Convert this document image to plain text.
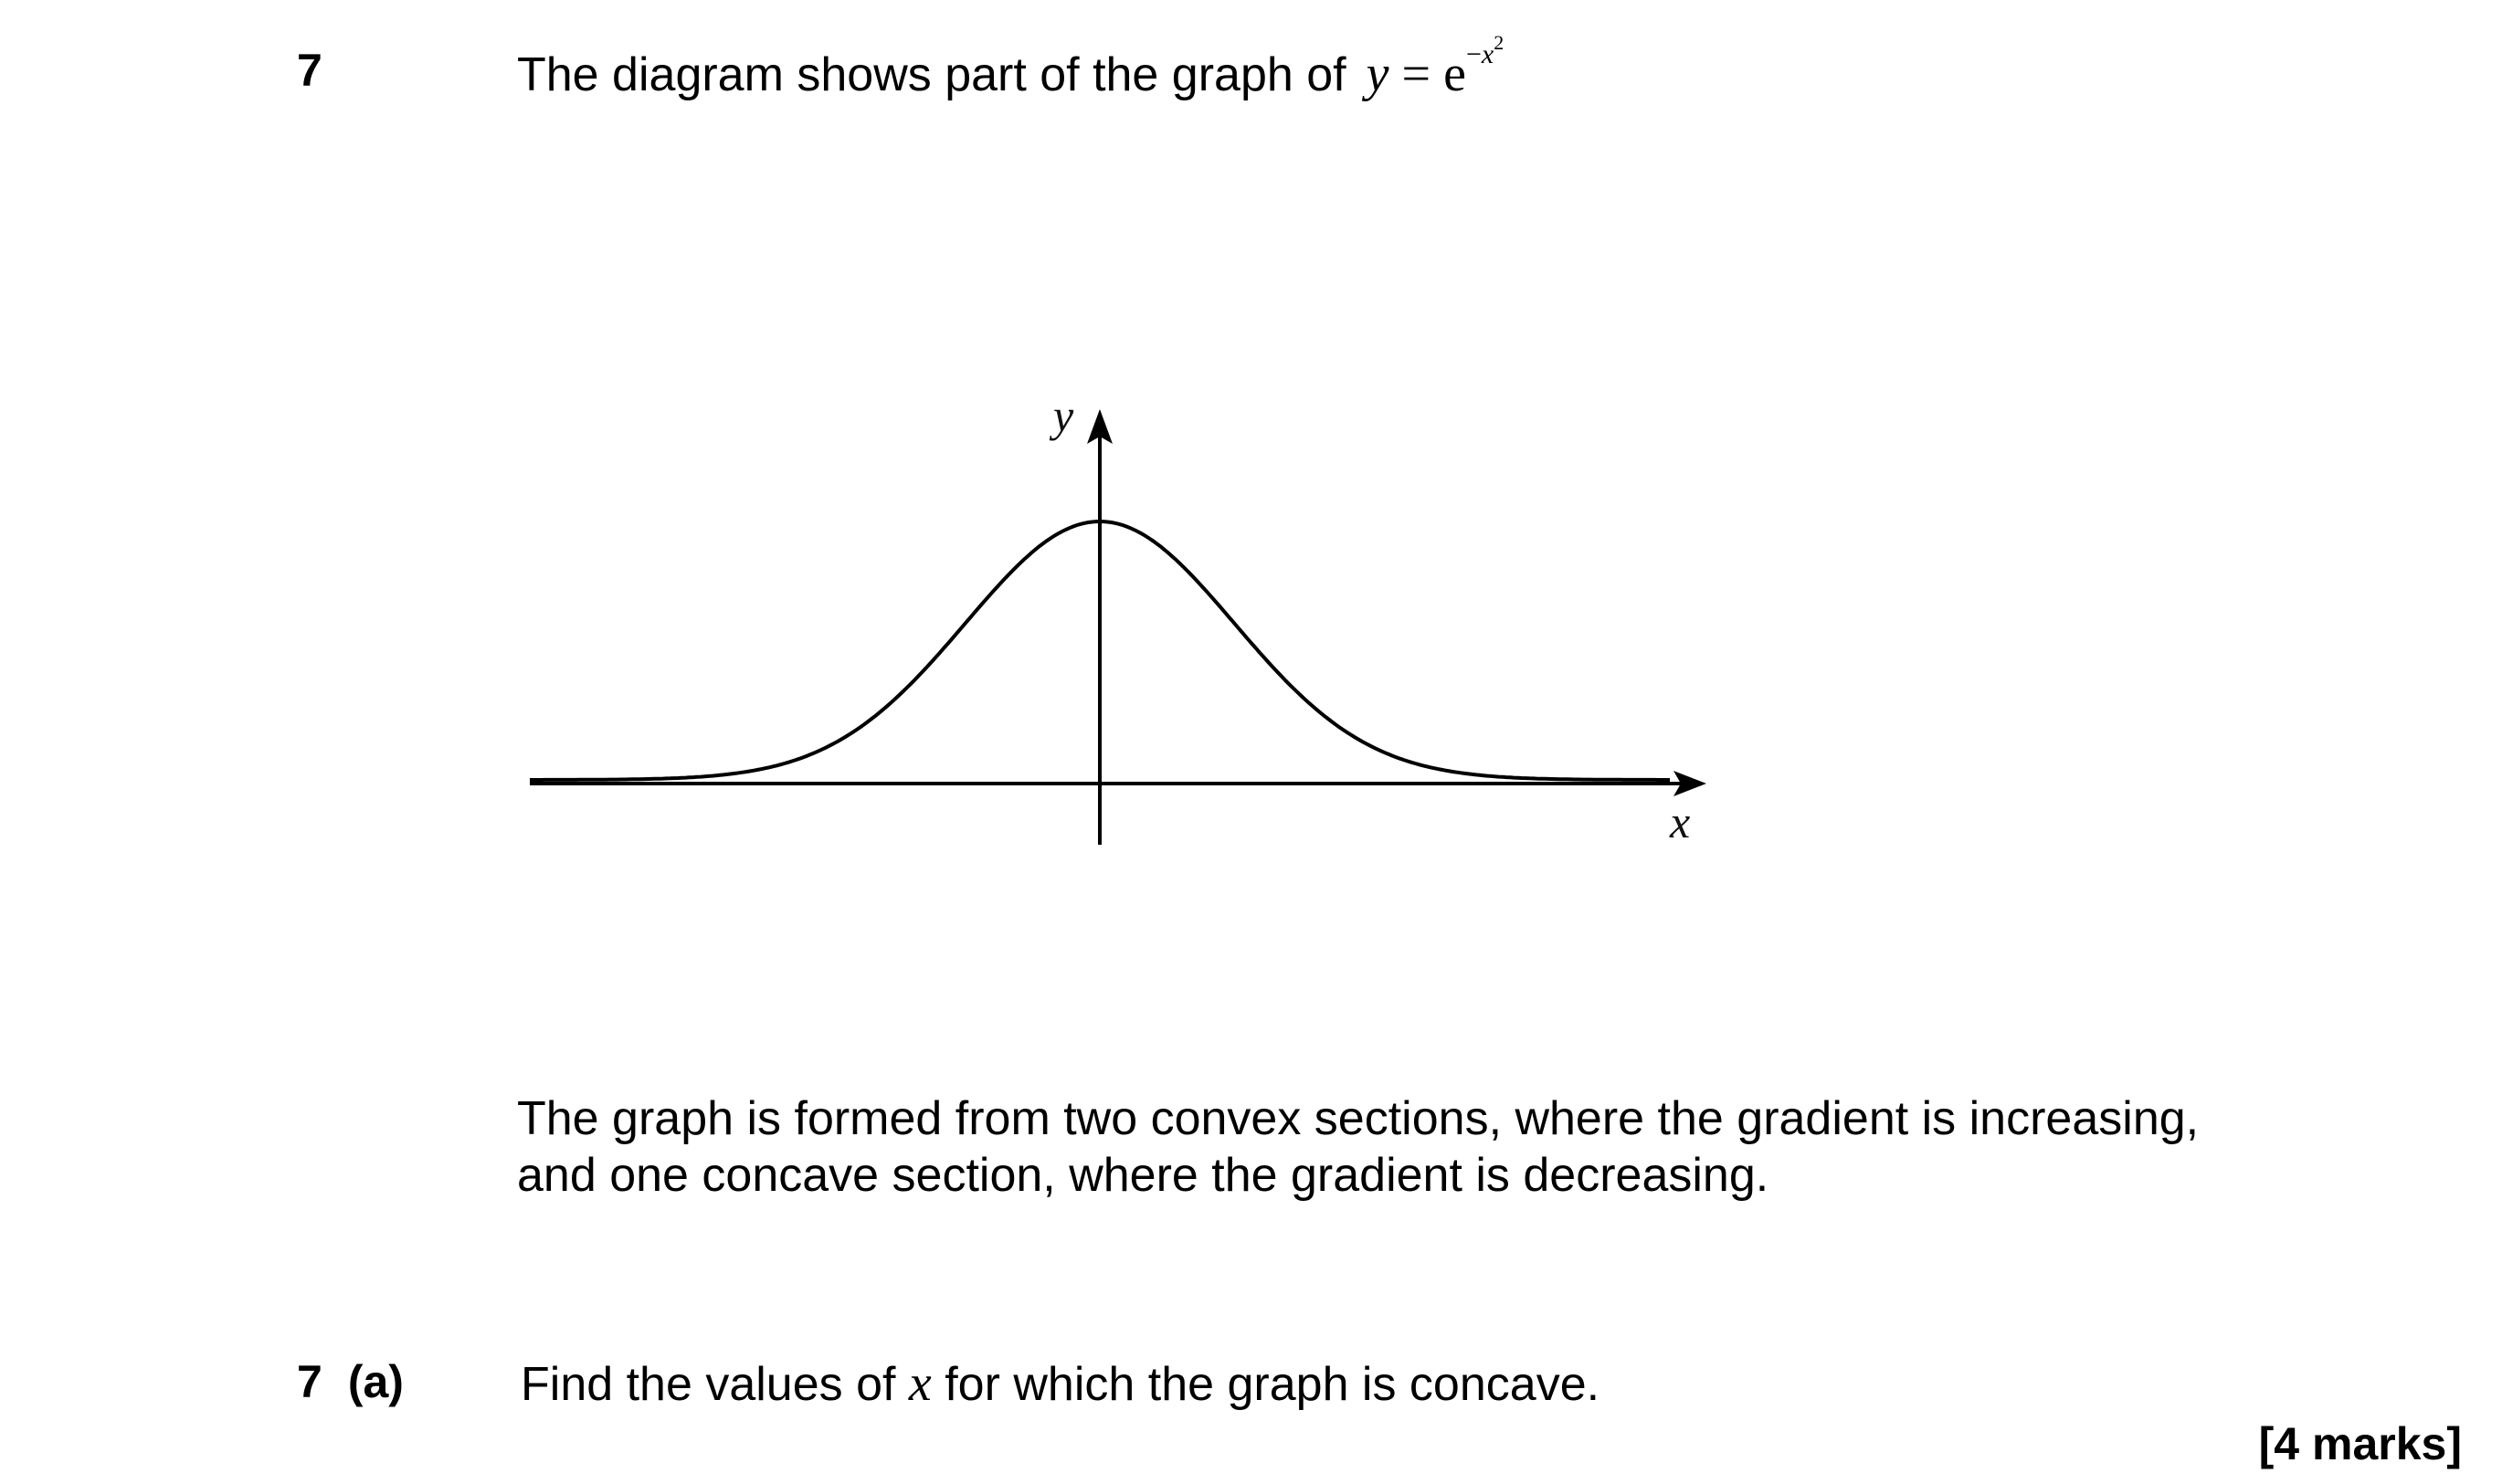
7	The diagram shows part of the graph of $y = e^{-x^2}$
y
x
The graph is formed from two convex sections, where the gradient is increasing,
and one concave section, where the gradient is decreasing.
7 (a) Find the values of x for which the graph is concave.
[4 marks]
